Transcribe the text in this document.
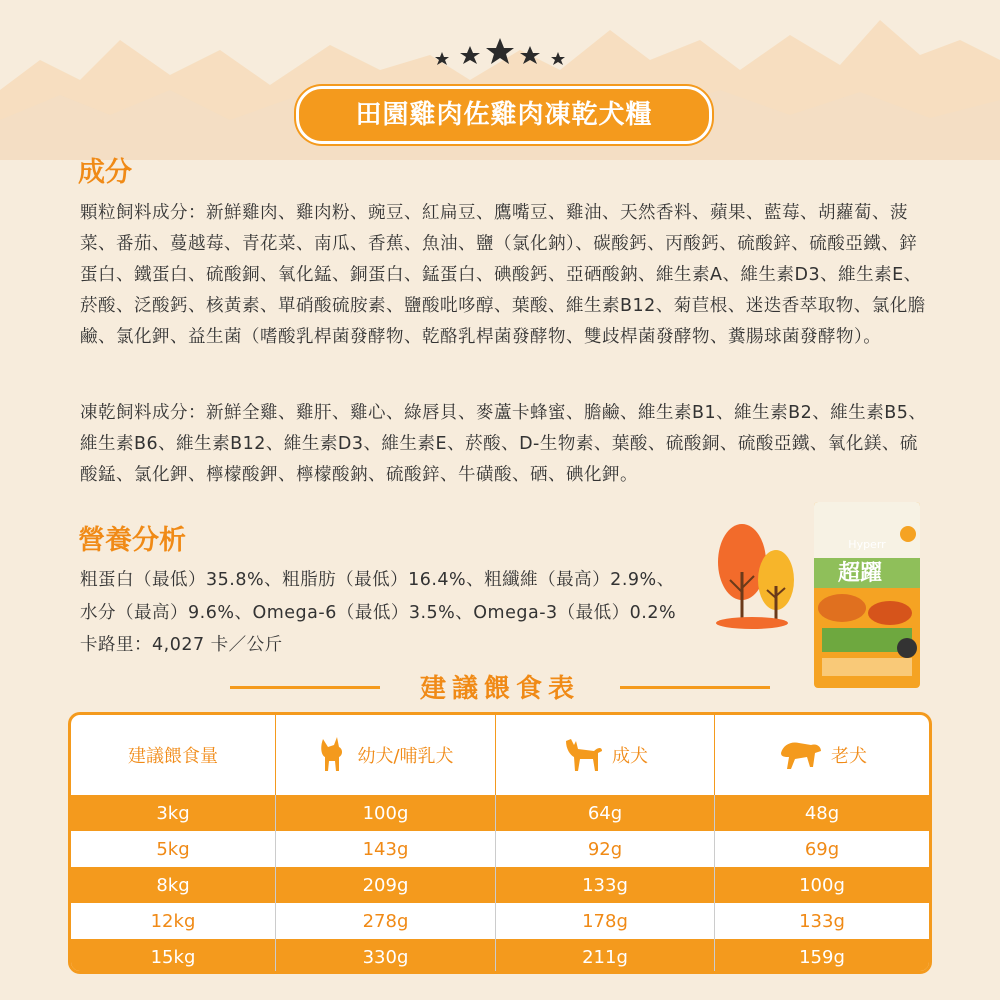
田園雞肉佐雞肉凍乾犬糧
成分
顆粒飼料成分：新鮮雞肉、雞肉粉、豌豆、紅扁豆、鷹嘴豆、雞油、天然香料、蘋果、藍莓、胡蘿蔔、菠菜、番茄、蔓越莓、青花菜、南瓜、香蕉、魚油、鹽（氯化鈉）、碳酸鈣、丙酸鈣、硫酸鋅、硫酸亞鐵、鋅蛋白、鐵蛋白、硫酸銅、氧化錳、銅蛋白、錳蛋白、碘酸鈣、亞硒酸鈉、維生素A、維生素D3、維生素E、菸酸、泛酸鈣、核黃素、單硝酸硫胺素、鹽酸吡哆醇、葉酸、維生素B12、菊苣根、迷迭香萃取物、氯化膽鹼、氯化鉀、益生菌（嗜酸乳桿菌發酵物、乾酪乳桿菌發酵物、雙歧桿菌發酵物、糞腸球菌發酵物）。
凍乾飼料成分：新鮮全雞、雞肝、雞心、綠唇貝、麥蘆卡蜂蜜、膽鹼、維生素B1、維生素B2、維生素B5、維生素B6、維生素B12、維生素D3、維生素E、菸酸、D-生物素、葉酸、硫酸銅、硫酸亞鐵、氧化鎂、硫酸錳、氯化鉀、檸檬酸鉀、檸檬酸鈉、硫酸鋅、牛磺酸、硒、碘化鉀。
營養分析
粗蛋白（最低）35.8%、粗脂肪（最低）16.4%、粗纖維（最高）2.9%、
水分（最高）9.6%、Omega-6（最低）3.5%、Omega-3（最低）0.2%
卡路里：4,027 卡／公斤
Hyperr
超躍
建議餵食表
建議餵食量	幼犬/哺乳犬	成犬	老犬
3kg	100g	64g	48g
5kg	143g	92g	69g
8kg	209g	133g	100g
12kg	278g	178g	133g
15kg	330g	211g	159g
